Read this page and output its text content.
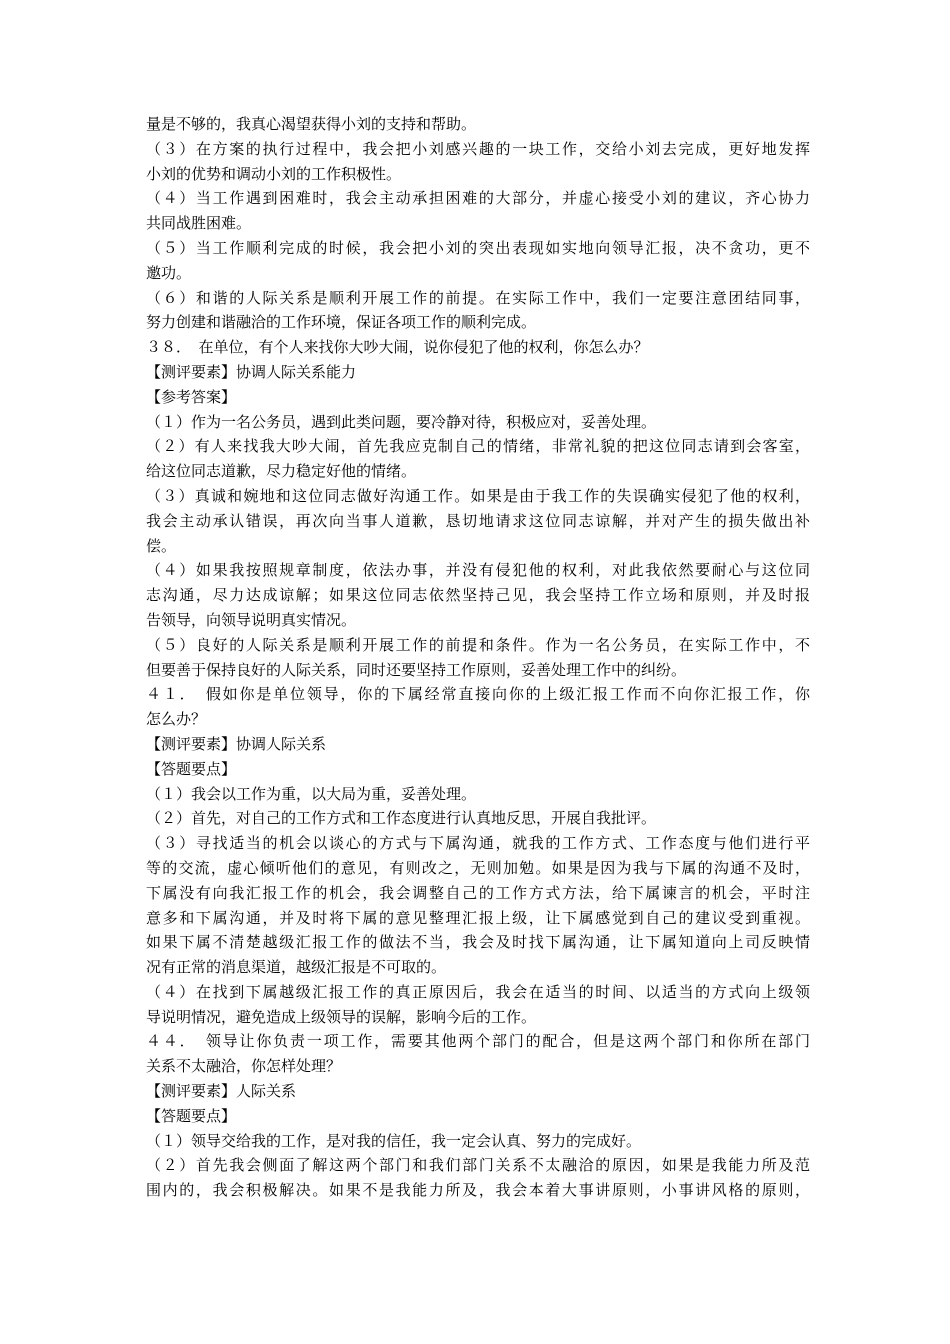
量是不够的，我真心渴望获得小刘的支持和帮助。
（３）在方案的执行过程中，我会把小刘感兴趣的一块工作，交给小刘去完成，更好地发挥
小刘的优势和调动小刘的工作积极性。
（４）当工作遇到困难时，我会主动承担困难的大部分，并虚心接受小刘的建议，齐心协力
共同战胜困难。
（５）当工作顺利完成的时候，我会把小刘的突出表现如实地向领导汇报，决不贪功，更不
邀功。
（６）和谐的人际关系是顺利开展工作的前提。在实际工作中，我们一定要注意团结同事，
努力创建和谐融洽的工作环境，保证各项工作的顺利完成。
３８．　在单位，有个人来找你大吵大闹，说你侵犯了他的权利，你怎么办？
【测评要素】协调人际关系能力
【参考答案】
（１）作为一名公务员，遇到此类问题，要冷静对待，积极应对，妥善处理。
（２）有人来找我大吵大闹，首先我应克制自己的情绪，非常礼貌的把这位同志请到会客室，
给这位同志道歉，尽力稳定好他的情绪。
（３）真诚和婉地和这位同志做好沟通工作。如果是由于我工作的失误确实侵犯了他的权利，
我会主动承认错误，再次向当事人道歉，恳切地请求这位同志谅解，并对产生的损失做出补
偿。
（４）如果我按照规章制度，依法办事，并没有侵犯他的权利，对此我依然要耐心与这位同
志沟通，尽力达成谅解；如果这位同志依然坚持己见，我会坚持工作立场和原则，并及时报
告领导，向领导说明真实情况。
（５）良好的人际关系是顺利开展工作的前提和条件。作为一名公务员，在实际工作中，不
但要善于保持良好的人际关系，同时还要坚持工作原则，妥善处理工作中的纠纷。
４１．　假如你是单位领导，你的下属经常直接向你的上级汇报工作而不向你汇报工作，你
怎么办？
【测评要素】协调人际关系
【答题要点】
（１）我会以工作为重，以大局为重，妥善处理。
（２）首先，对自己的工作方式和工作态度进行认真地反思，开展自我批评。
（３）寻找适当的机会以谈心的方式与下属沟通，就我的工作方式、工作态度与他们进行平
等的交流，虚心倾听他们的意见，有则改之，无则加勉。如果是因为我与下属的沟通不及时，
下属没有向我汇报工作的机会，我会调整自己的工作方式方法，给下属谏言的机会，平时注
意多和下属沟通，并及时将下属的意见整理汇报上级，让下属感觉到自己的建议受到重视。
如果下属不清楚越级汇报工作的做法不当，我会及时找下属沟通，让下属知道向上司反映情
况有正常的消息渠道，越级汇报是不可取的。
（４）在找到下属越级汇报工作的真正原因后，我会在适当的时间、以适当的方式向上级领
导说明情况，避免造成上级领导的误解，影响今后的工作。
４４．　领导让你负责一项工作，需要其他两个部门的配合，但是这两个部门和你所在部门
关系不太融洽，你怎样处理？
【测评要素】人际关系
【答题要点】
（１）领导交给我的工作，是对我的信任，我一定会认真、努力的完成好。
（２）首先我会侧面了解这两个部门和我们部门关系不太融洽的原因，如果是我能力所及范
围内的，我会积极解决。如果不是我能力所及，我会本着大事讲原则，小事讲风格的原则，
